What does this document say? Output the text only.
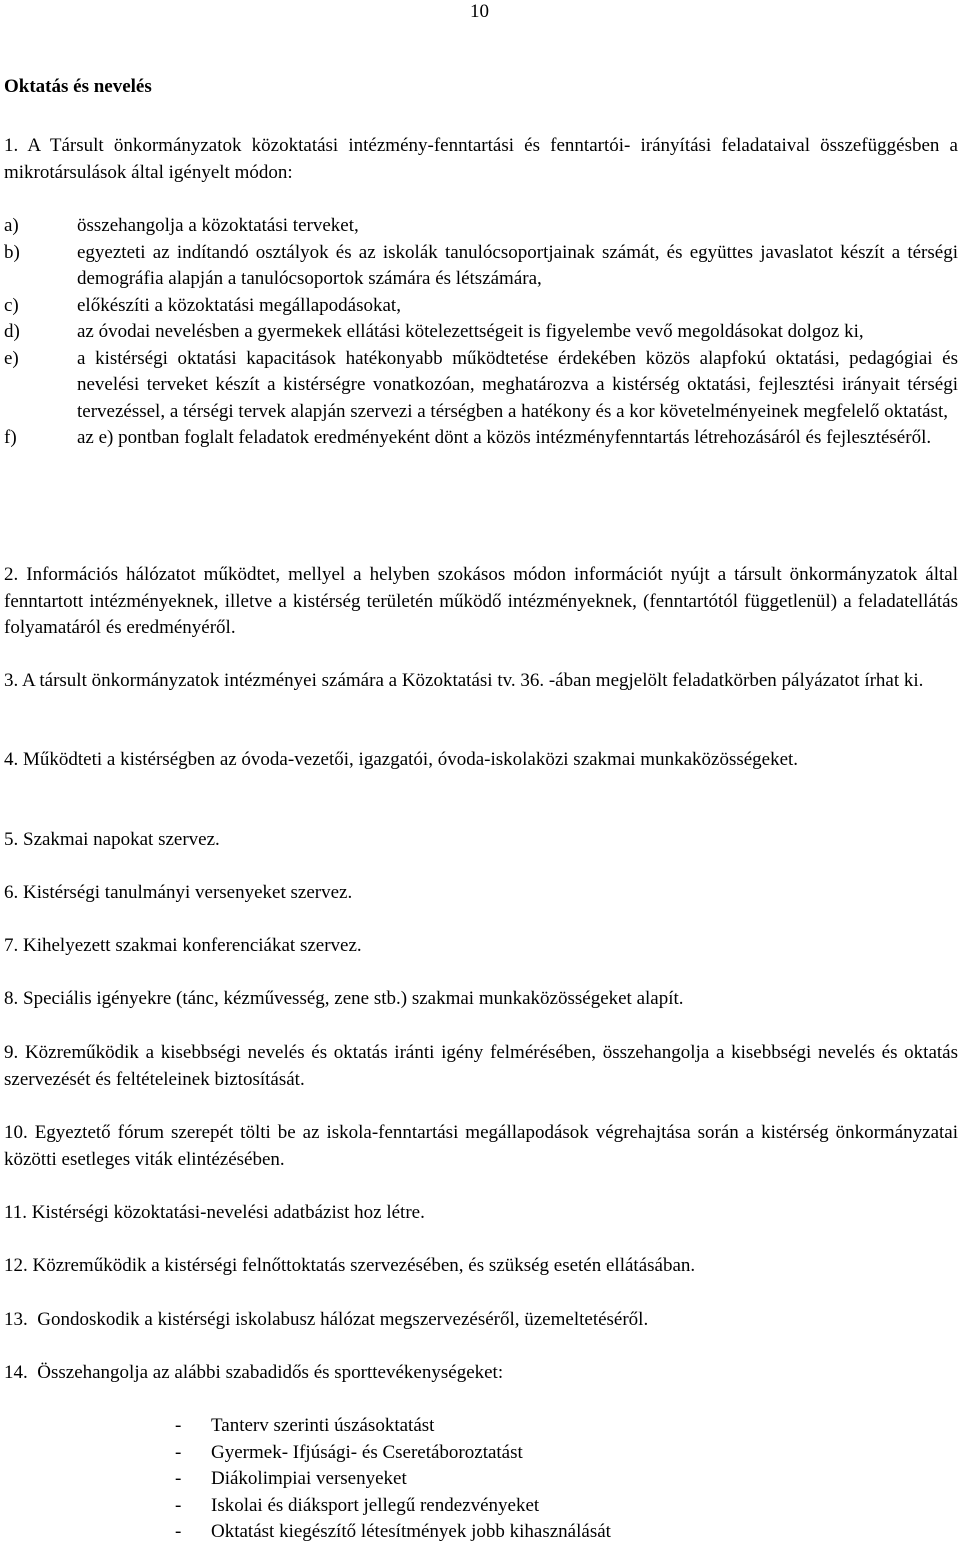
10
Oktatás és nevelés

1. A Társult önkormányzatok közoktatási intézmény-fenntartási és fenntartói- irányítási feladataival összefüggésben a mikrotársulások által igényelt módon:

a)	összehangolja a közoktatási terveket,
b)	egyezteti az indítandó osztályok és az iskolák tanulócsoportjainak számát, és együttes javaslatot készít a térségi demográfia alapján a tanulócsoportok számára és létszámára,
c)	előkészíti a közoktatási megállapodásokat,
d)	az óvodai nevelésben a gyermekek ellátási kötelezettségeit is figyelembe vevő megoldásokat dolgoz ki,
e)	a kistérségi oktatási kapacitások hatékonyabb működtetése érdekében közös alapfokú oktatási, pedagógiai és nevelési terveket készít a kistérségre vonatkozóan, meghatározva a kistérség oktatási, fejlesztési irányait térségi tervezéssel, a térségi tervek alapján szervezi a térségben a hatékony és a kor követelményeinek megfelelő oktatást,
f)	az e) pontban foglalt feladatok eredményeként dönt a közös intézményfenntartás létrehozásáról és fejlesztéséről.

2. Információs hálózatot működtet, mellyel a helyben szokásos módon információt nyújt a társult önkormányzatok által fenntartott intézményeknek, illetve a kistérség területén működő intézményeknek, (fenntartótól függetlenül) a feladatellátás folyamatáról és eredményéről.

3. A társult önkormányzatok intézményei számára a Közoktatási tv. 36. -ában megjelölt feladatkörben pályázatot írhat ki.

4. Működteti a kistérségben az óvoda-vezetői, igazgatói, óvoda-iskolaközi szakmai munkaközösségeket.

5. Szakmai napokat szervez.

6. Kistérségi tanulmányi versenyeket szervez.

7. Kihelyezett szakmai konferenciákat szervez.

8. Speciális igényekre (tánc, kézművesség, zene stb.) szakmai munkaközösségeket alapít.

9. Közreműködik a kisebbségi nevelés és oktatás iránti igény felmérésében, összehangolja a kisebbségi nevelés és oktatás szervezését és feltételeinek biztosítását.

10. Egyeztető fórum szerepét tölti be az iskola-fenntartási megállapodások végrehajtása során a kistérség önkormányzatai közötti esetleges viták elintézésében.

11. Kistérségi közoktatási-nevelési adatbázist hoz létre.

12. Közreműködik a kistérségi felnőttoktatás szervezésében, és szükség esetén ellátásában.

13.  Gondoskodik a kistérségi iskolabusz hálózat megszervezéséről, üzemeltetéséről.

14.  Összehangolja az alábbi szabadidős és sporttevékenységeket:

- Tanterv szerinti úszásoktatást
- Gyermek- Ifjúsági- és Cseretáboroztatást
- Diákolimpiai versenyeket
- Iskolai és diáksport jellegű rendezvényeket
- Oktatást kiegészítő létesítmények jobb kihasználását
